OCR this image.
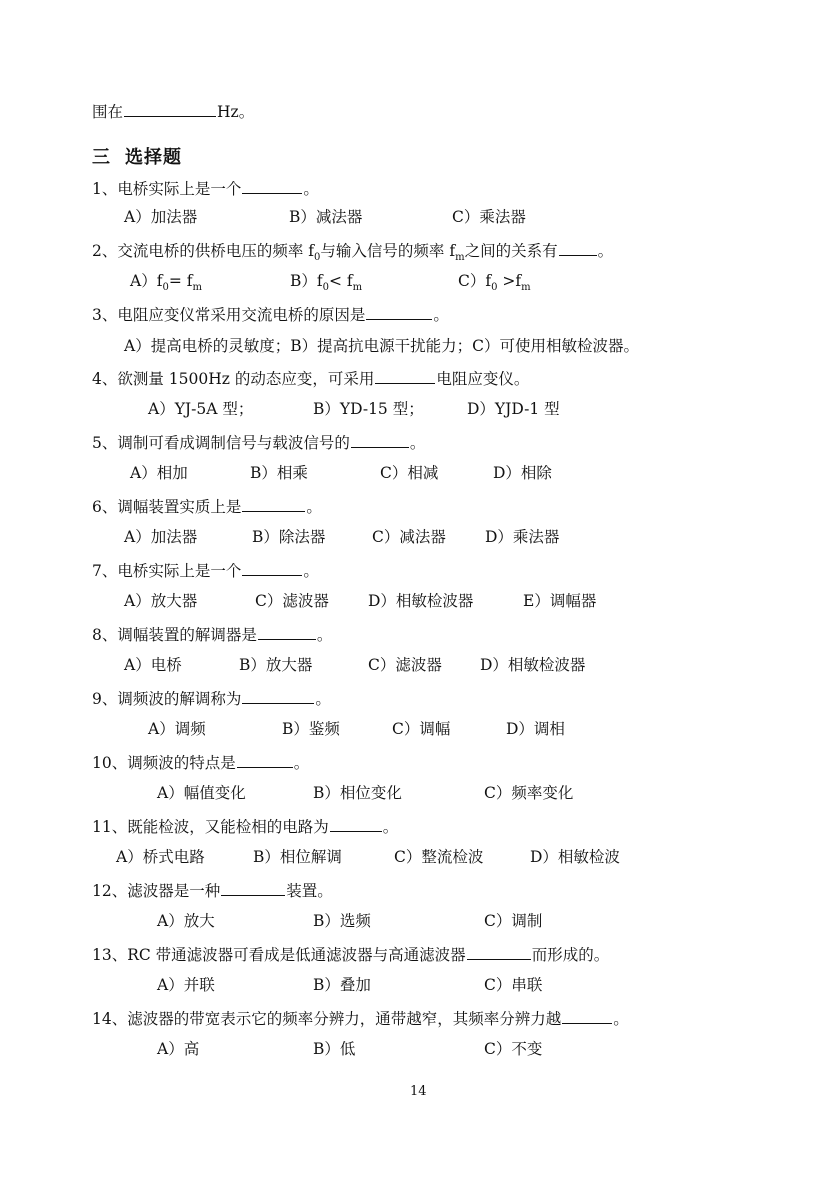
围在	Hz。
三 选择题
1、电桥实际上是一个	。
A）加法器	B）减法器	C）乘法器
2、交流电桥的供桥电压的频率 $f_0$与输入信号的频率 $f_m$之间的关系有	。
$A)f_0= f_m$	$B)f_0< f_m$	$C)f_0 >f_m$
3、电阻应变仪常采用交流电桥的原因是	。
A）提高电桥的灵敏度；B）提高抗电源干扰能力；C）可使用相敏检波器。
4、欲测量 1500Hz 的动态应变，可采用	电阻应变仪。
A）YJ-5A 型；	B）YD-15 型；	D）YJD-1 型
5、调制可看成调制信号与载波信号的	。
A）相加	B）相乘	C）相减	D）相除
6、调幅装置实质上是	。
A）加法器	B）除法器	C）减法器	D）乘法器
7、电桥实际上是一个	。
A）放大器	C）滤波器	D）相敏检波器	E）调幅器
8、调幅装置的解调器是	。
A）电桥	B）放大器	C）滤波器 D）相敏检波器
9、调频波的解调称为	。
A）调频	B）鉴频	C）调幅	D）调相
10、调频波的特点是	。
A）幅值变化	B）相位变化	C）频率变化
11、既能检波，又能检相的电路为	。
A）桥式电路	B）相位解调	C）整流检波	D）相敏检波
12、滤波器是一种	装置。
A）放大	B）选频	C）调制
13、RC 带通滤波器可看成是低通滤波器与高通滤波器	而形成的。
A）并联	B）叠加	C）串联
14、滤波器的带宽表示它的频率分辨力，通带越窄，其频率分辨力越	。
A）高	B）低	C）不变
14
